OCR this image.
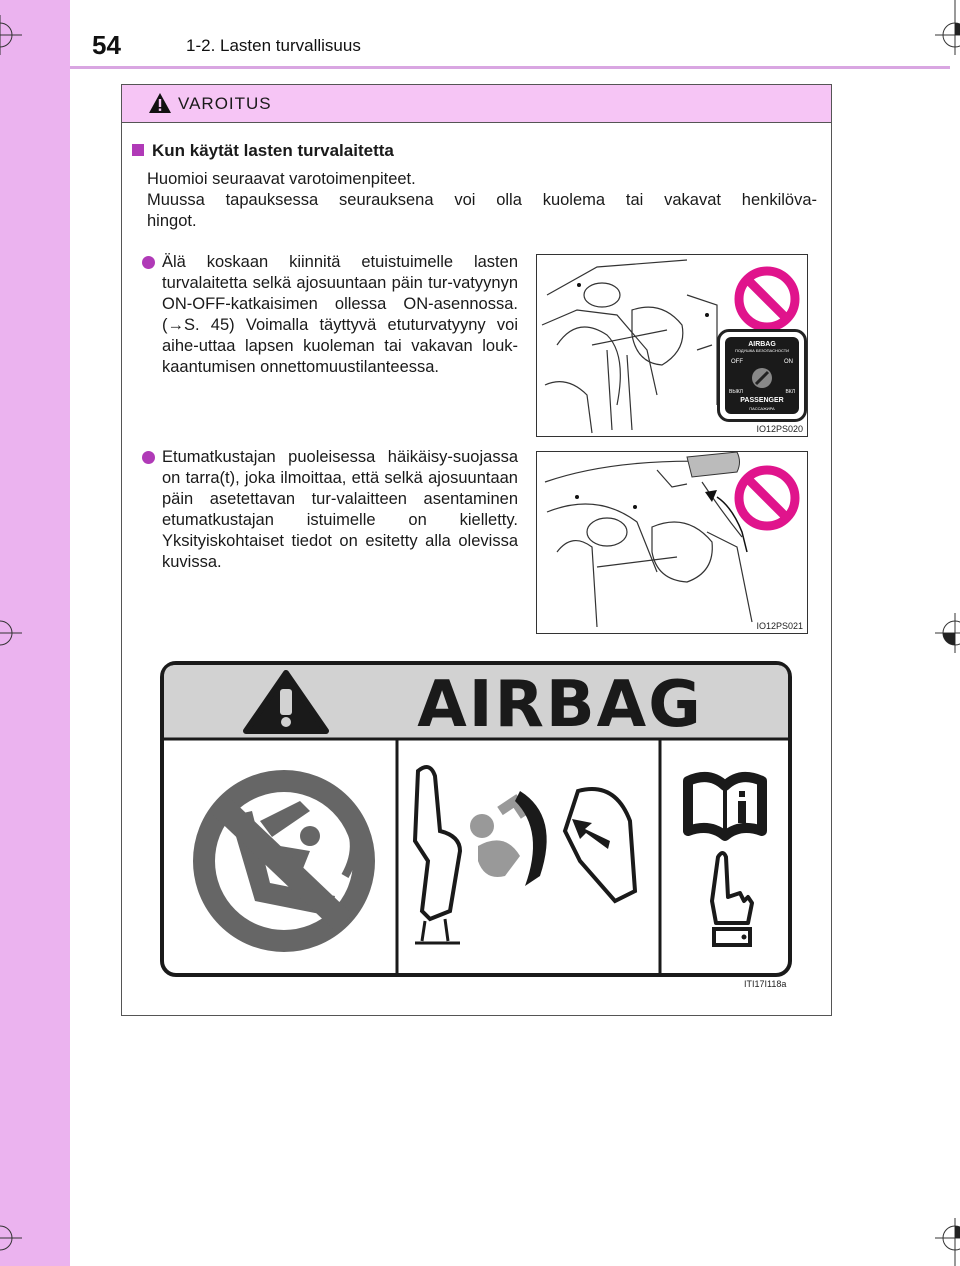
54	1-2. Lasten turvallisuus
VAROITUS
Kun käytät lasten turvalaitetta
Huomioi seuraavat varotoimenpiteet.
Muussa tapauksessa seurauksena voi olla kuolema tai vakavat henkilöva-
hingot.
Älä koskaan kiinnitä etuistuimelle lasten turvalaitetta selkä ajosuuntaan päin tur-vatyynyn ON-OFF-katkaisimen ollessa ON-asennossa. (→S. 45) Voimalla täyttyvä etuturvatyyny voi aihe-uttaa lapsen kuoleman tai vakavan louk-kaantumisen onnettomuustilanteessa.
Etumatkustajan puoleisessa häikäisy-suojassa on tarra(t), joka ilmoittaa, että selkä ajosuuntaan päin asetettavan tur-valaitteen asentaminen etumatkustajan istuimelle on kielletty. Yksityiskohtaiset tiedot on esitetty alla olevissa kuvissa.
AIRBAG
ПОДУШКА БЕЗОПАСНОСТИ
OFF	ON
ВЫКЛ	ВКЛ
PASSENGER
ПАССАЖИРА
IO12PS020
IO12PS021
AIRBAG
ITI17I118a
